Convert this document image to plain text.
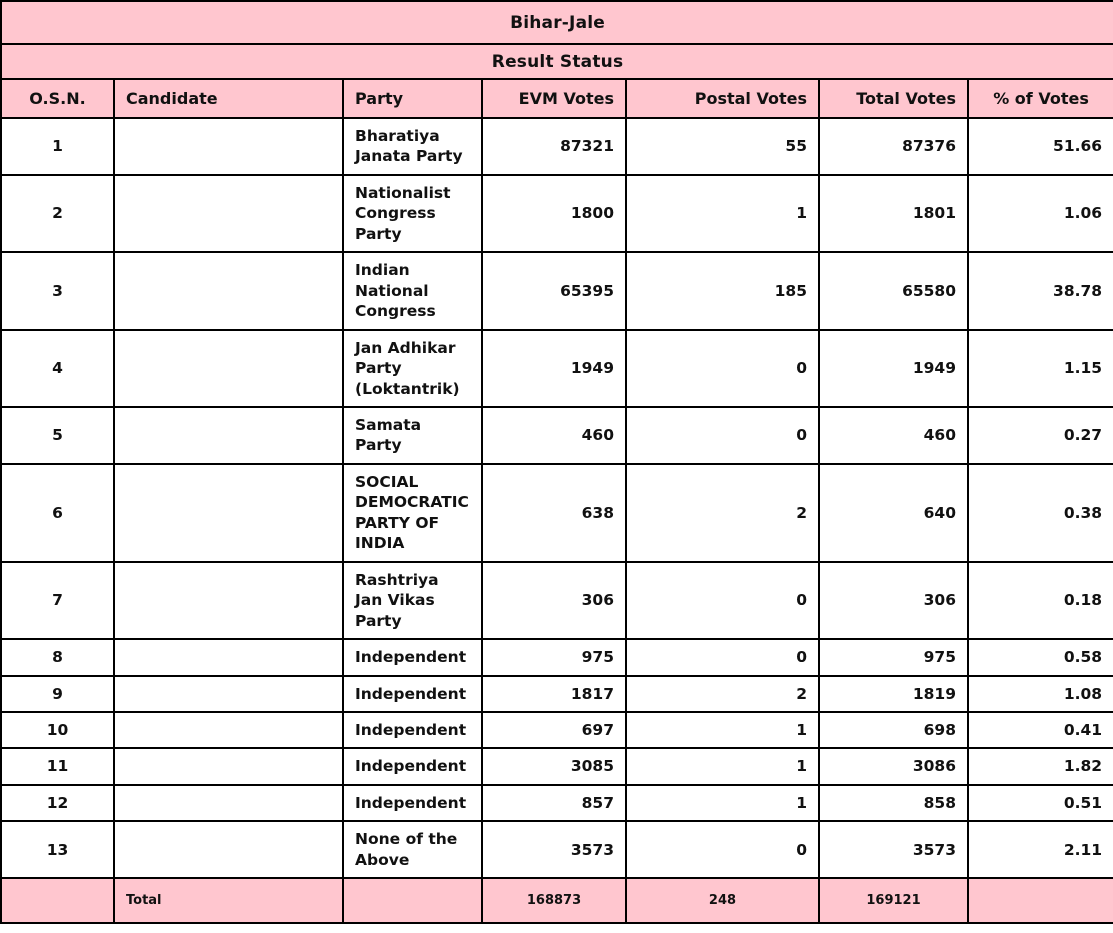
Bihar-Jale						
Result Status						
O.S.N.	Candidate	Party	EVM Votes	Postal Votes	Total Votes	% of Votes
1		Bharatiya Janata Party	87321	55	87376	51.66
2		Nationalist Congress Party	1800	1	1801	1.06
3		Indian National Congress	65395	185	65580	38.78
4		Jan Adhikar Party (Loktantrik)	1949	0	1949	1.15
5		Samata Party	460	0	460	0.27
6		SOCIAL DEMOCRATIC PARTY OF INDIA	638	2	640	0.38
7		Rashtriya Jan Vikas Party	306	0	306	0.18
8		Independent	975	0	975	0.58
9		Independent	1817	2	1819	1.08
10		Independent	697	1	698	0.41
11		Independent	3085	1	3086	1.82
12		Independent	857	1	858	0.51
13		None of the Above	3573	0	3573	2.11
	Total		168873	248	169121	
